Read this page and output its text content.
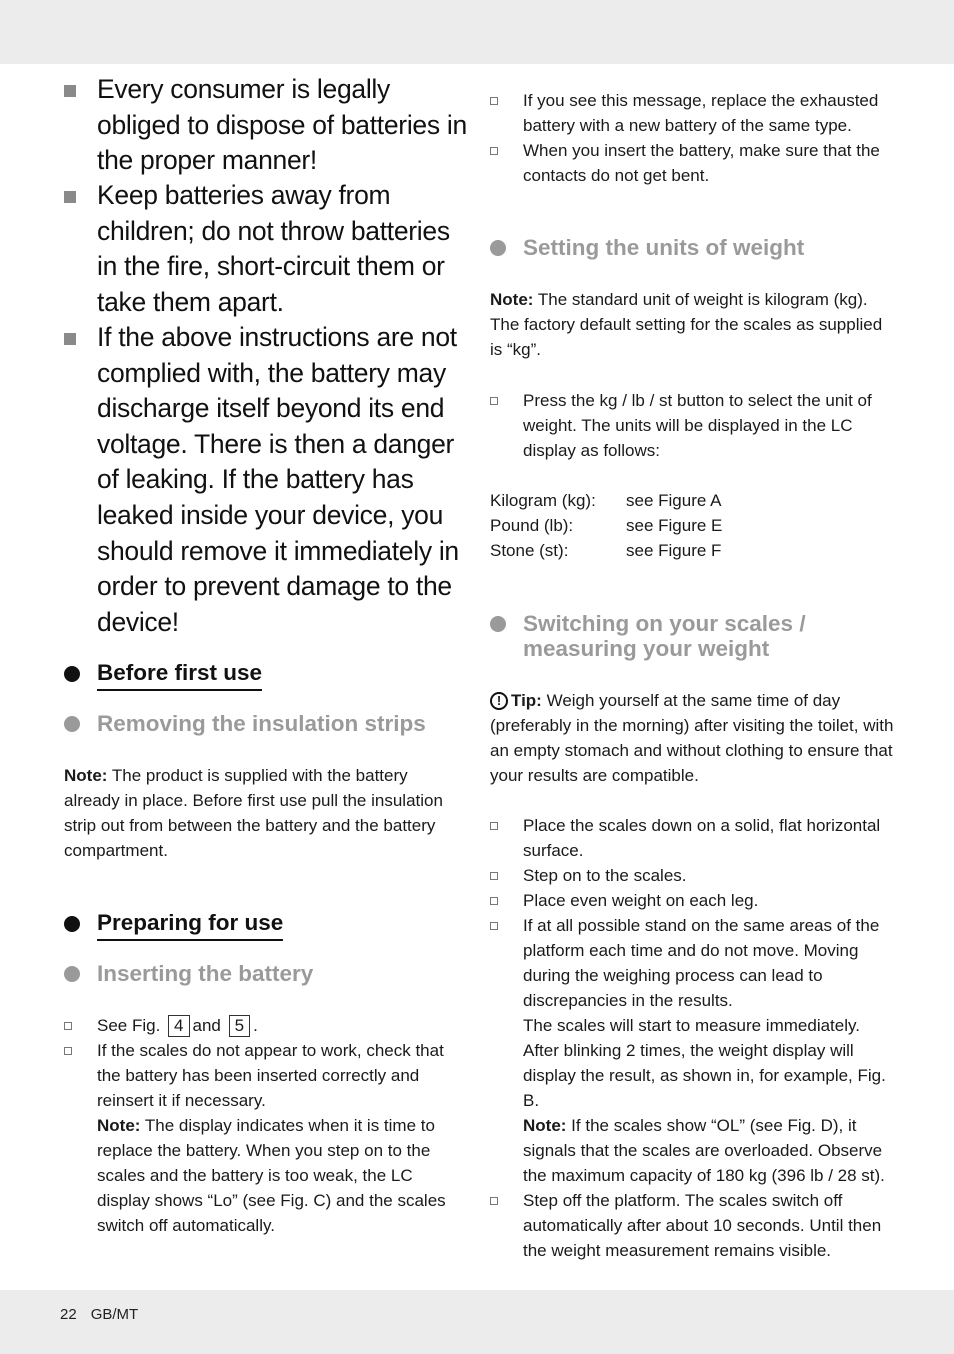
Every consumer is legally obliged to dispose of batteries in the proper manner!
Keep batteries away from children; do not throw batteries in the fire, short-circuit them or take them apart.
If the above instructions are not complied with, the battery may discharge itself beyond its end voltage. There is then a danger of leaking. If the battery has leaked inside your device, you should remove it immediately in order to prevent damage to the device!
Before first use
Removing the insulation strips
Note: The product is supplied with the battery already in place. Before first use pull the insulation strip out from between the battery and the battery compartment.
Preparing for use
Inserting the battery
See Fig. 4 and 5 .
If the scales do not appear to work, check that the battery has been inserted correctly and reinsert it if necessary.
Note: The display indicates when it is time to replace the battery. When you step on to the scales and the battery is too weak, the LC display shows “Lo” (see Fig. C) and the scales switch off automatically.
If you see this message, replace the exhausted battery with a new battery of the same type.
When you insert the battery, make sure that the contacts do not get bent.
Setting the units of weight
Note: The standard unit of weight is kilogram (kg). The factory default setting for the scales as supplied is “kg”.
Press the kg / lb / st button to select the unit of weight. The units will be displayed in the LC display as follows:
Kilogram (kg): see Figure A
Pound (lb):	see Figure E
Stone (st):	see Figure F
Switching on your scales /
measuring your weight
! Tip: Weigh yourself at the same time of day (preferably in the morning) after visiting the toilet, with an empty stomach and without clothing to ensure that your results are compatible.
Place the scales down on a solid, flat horizontal surface.
Step on to the scales.
Place even weight on each leg.
If at all possible stand on the same areas of the platform each time and do not move. Moving during the weighing process can lead to discrepancies in the results.
The scales will start to measure immediately. After blinking 2 times, the weight display will display the result, as shown in, for example, Fig. B.
Note: If the scales show “OL” (see Fig. D), it signals that the scales are overloaded. Observe the maximum capacity of 180 kg (396 lb / 28 st).
Step off the platform. The scales switch off automatically after about 10 seconds. Until then the weight measurement remains visible.
22 GB/MT
